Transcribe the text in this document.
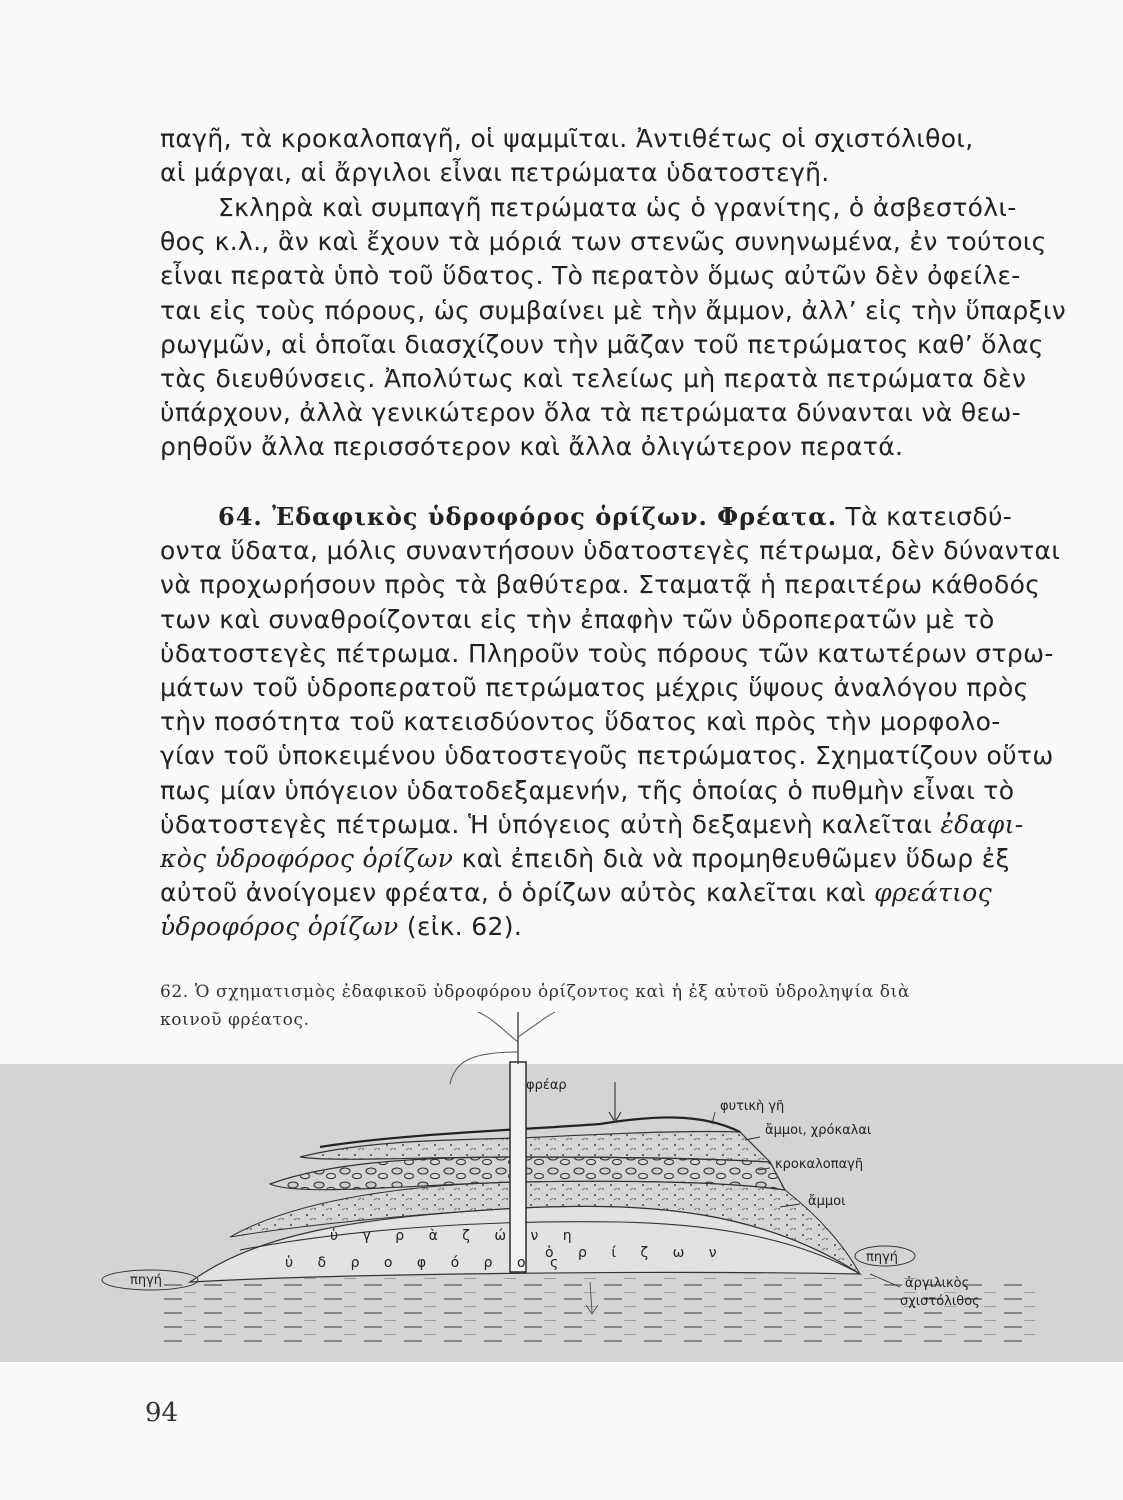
παγῆ, τὰ κροκαλοπαγῆ, οἱ ψαμμῖται. Ἀντιθέτως οἱ σχιστόλιθοι,
αἱ μάργαι, αἱ ἄργιλοι εἶναι πετρώματα ὑδατοστεγῆ.
Σκληρὰ καὶ συμπαγῆ πετρώματα ὡς ὁ γρανίτης, ὁ ἀσβεστόλι-
θος κ.λ., ἂν καὶ ἔχουν τὰ μόριά των στενῶς συνηνωμένα, ἐν τούτοις
εἶναι περατὰ ὑπὸ τοῦ ὕδατος. Τὸ περατὸν ὅμως αὐτῶν δὲν ὀφείλε-
ται εἰς τοὺς πόρους, ὡς συμβαίνει μὲ τὴν ἄμμον, ἀλλ’ εἰς τὴν ὕπαρξιν
ρωγμῶν, αἱ ὁποῖαι διασχίζουν τὴν μᾶζαν τοῦ πετρώματος καθ’ ὅλας
τὰς διευθύνσεις. Ἀπολύτως καὶ τελείως μὴ περατὰ πετρώματα δὲν
ὑπάρχουν, ἀλλὰ γενικώτερον ὅλα τὰ πετρώματα δύνανται νὰ θεω-
ρηθοῦν ἄλλα περισσότερον καὶ ἄλλα ὀλιγώτερον περατά.
64. Ἐδαφικὸς ὑδροφόρος ὁρίζων. Φρέατα. Τὰ κατεισδύ-
οντα ὕδατα, μόλις συναντήσουν ὑδατοστεγὲς πέτρωμα, δὲν δύνανται
νὰ προχωρήσουν πρὸς τὰ βαθύτερα. Σταματᾷ ἡ περαιτέρω κάθοδός
των καὶ συναθροίζονται εἰς τὴν ἐπαφὴν τῶν ὑδροπερατῶν μὲ τὸ
ὑδατοστεγὲς πέτρωμα. Πληροῦν τοὺς πόρους τῶν κατωτέρων στρω-
μάτων τοῦ ὑδροπερατοῦ πετρώματος μέχρις ὕψους ἀναλόγου πρὸς
τὴν ποσότητα τοῦ κατεισδύοντος ὕδατος καὶ πρὸς τὴν μορφολο-
γίαν τοῦ ὑποκειμένου ὑδατοστεγοῦς πετρώματος. Σχηματίζουν οὕτω
πως μίαν ὑπόγειον ὑδατοδεξαμενήν, τῆς ὁποίας ὁ πυθμὴν εἶναι τὸ
ὑδατοστεγὲς πέτρωμα. Ἡ ὑπόγειος αὐτὴ δεξαμενὴ καλεῖται ἐδαφι-
κὸς ὑδροφόρος ὁρίζων καὶ ἐπειδὴ διὰ νὰ προμηθευθῶμεν ὕδωρ ἐξ
αὐτοῦ ἀνοίγομεν φρέατα, ὁ ὁρίζων αὐτὸς καλεῖται καὶ φρεάτιος
ὑδροφόρος ὁρίζων (εἰκ. 62).
62. Ὁ σχηματισμὸς ἐδαφικοῦ ὑδροφόρου ὁρίζοντος καὶ ἡ ἐξ αὐτοῦ ὑδροληψία διὰ
κοινοῦ φρέατος.
φρέαρ
φυτικὴ γῆ
ἄμμοι, χρόκαλαι
κροκαλοπαγῆ
ἄμμοι
πηγή
πηγή	ἀργιλικὸς
σχιστόλιθος
ὑ γ ρ ὰ ζ ώ ν η
ὑ δ ρ ο φ ό ρ ο ς
ὁ ρ ί ζ ω ν
94
